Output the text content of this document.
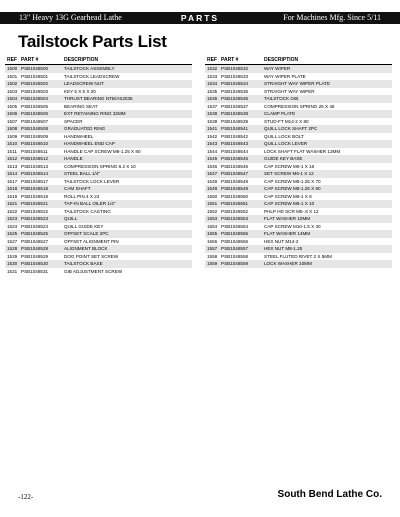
13" Heavy 13G Gearhead Lathe	PARTS	For Machines Mfg. Since 5/11
Tailstock Parts List
REF	PART #	DESCRIPTION
1500	PSB1048500	TAILSTOCK ASSEMBLY
1501	PSB1048501	TAILSTOCK LEADSCREW
1502	PSB1048502	LEADSCREW NUT
1503	PSB1048503	KEY 5 X 5 X 20
1504	PSB1048504	THRUST BEARING NTB/AS2035
1505	PSB1048505	BEARING SEAT
1506	PSB1048506	EXT RETAINING RING 32MM
1507	PSB1048507	SPACER
1508	PSB1048508	GRADUATED RING
1509	PSB1048509	HANDWHEEL
1510	PSB1048510	HANDWHEEL END CAP
1511	PSB1048511	HANDLE CAP SCREW M8-1.25 X 80
1512	PSB1048512	HANDLE
1513	PSB1048513	COMPRESSION SPRING 6.2 X 10
1514	PSB1048514	STEEL BALL 1/4"
1517	PSB1048517	TAILSTOCK LOCK LEVER
1518	PSB1048518	CAM SHAFT
1519	PSB1048519	ROLL PIN 4 X 24
1521	PSB1048521	TAP-IN BALL OILER 1/4"
1522	PSB1048522	TAILSTOCK CASTING
1523	PSB1048523	QUILL
1524	PSB1048524	QUILL GUIDE KEY
1525	PSB1048525	OFFSET SCALE 2PC
1527	PSB1048527	OFFSET ALIGNMENT PIN
1528	PSB1048528	ALIGNMENT BLOCK
1529	PSB1048529	DOG POINT SET SCREW
1530	PSB1048530	TAILSTOCK BASE
1531	PSB1048531	GIB ADJUSTMENT SCREW
REF	PART #	DESCRIPTION
1532	PSB1048532	WAY WIPER
1533	PSB1048533	WAY WIPER PLATE
1534	PSB1048534	STRAIGHT WAY WIPER PLATE
1535	PSB1048535	STRAIGHT WAY WIPER
1536	PSB1048536	TAILSTOCK GIB
1537	PSB1048537	COMPRESSION SPRING 25 X 46
1538	PSB1048538	CLAMP PLATE
1539	PSB1048539	STUD-FT M14-2 X 80
1541	PSB1048541	QUILL LOCK SHAFT 2PC
1542	PSB1048542	QUILL LOCK BOLT
1543	PSB1048543	QUILL LOCK LEVER
1544	PSB1048544	LOCK SHAFT FLAT WASHER 12MM
1545	PSB1048545	GUIDE KEY BASE
1546	PSB1048546	CAP SCREW M6-1 X 16
1547	PSB1048547	SET SCREW M6-1 X 12
1548	PSB1048548	CAP SCREW M8-1.25 X 70
1549	PSB1048549	CAP SCREW M8-1.25 X 60
1550	PSB1048550	CAP SCREW M6-1 X 8
1551	PSB1048551	CAP SCREW M6-1 X 10
1552	PSB1048552	PHLP HD SCR M5-.8 X 12
1553	PSB1048553	FLAT WASHER 10MM
1554	PSB1048554	CAP SCREW M10-1.5 X 40
1555	PSB1048555	FLAT WASHER 14MM
1556	PSB1048556	HEX NUT M14-2
1557	PSB1048557	HEX NUT M8-1.25
1558	PSB1048558	STEEL FLUTED RIVET 2 X 5MM
1559	PSB1048559	LOCK WASHER 10MM
-122-	South Bend Lathe Co.
